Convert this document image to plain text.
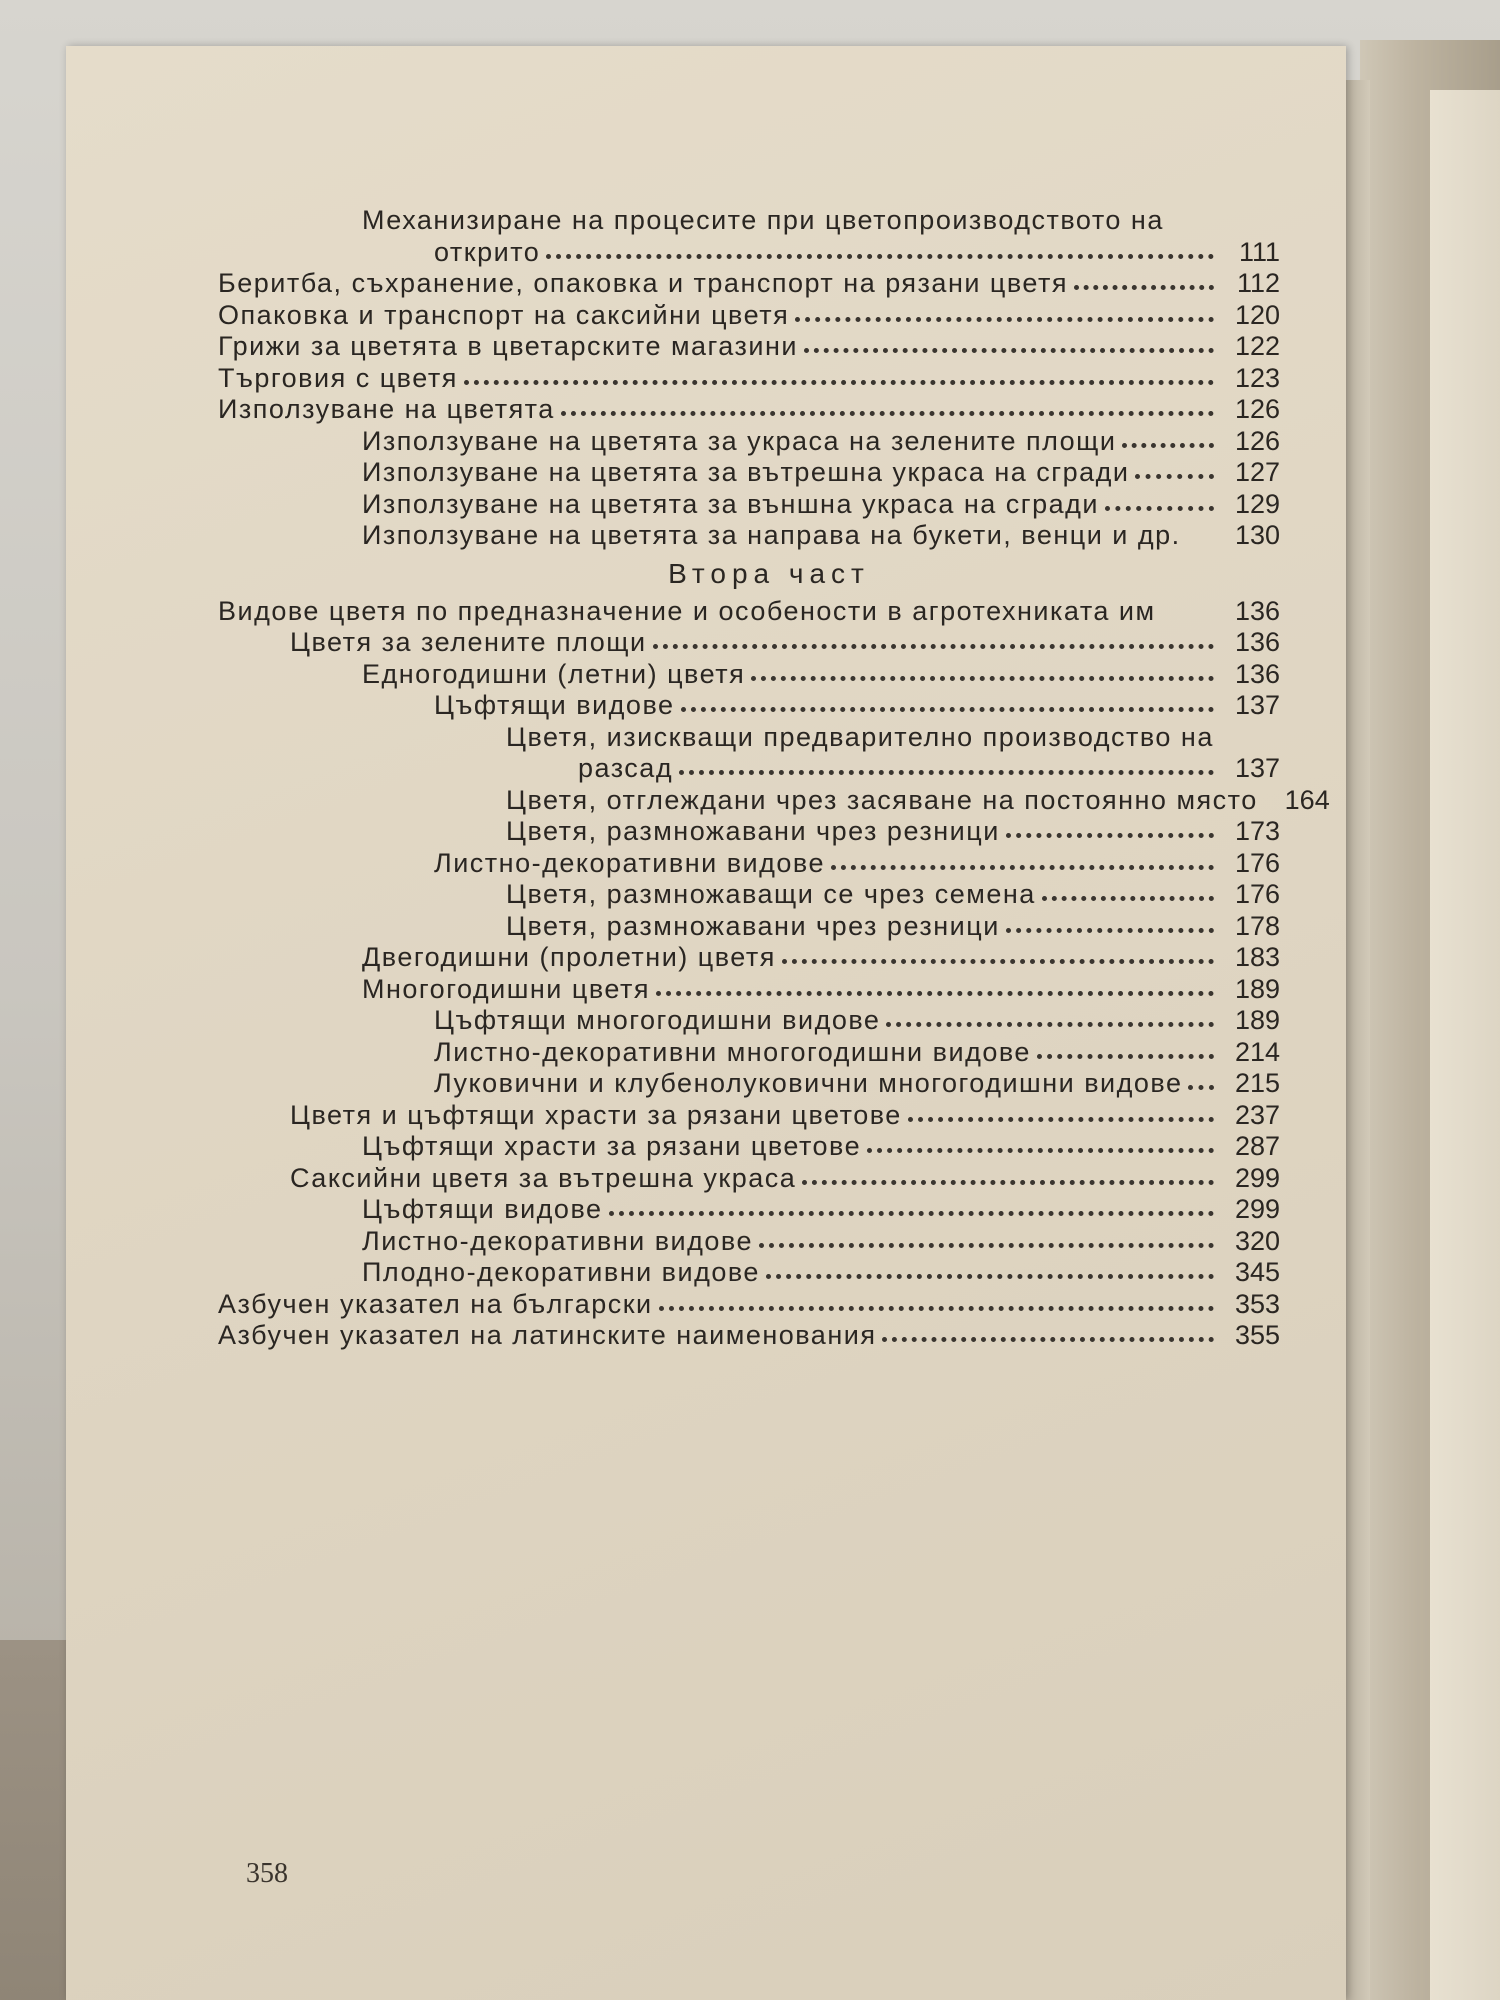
Механизиране на процесите при цветопроизводството на
открито	111
Беритба, съхранение, опаковка и транспорт на рязани цветя	112
Опаковка и транспорт на саксийни цветя	120
Грижи за цветята в цветарските магазини	122
Търговия с цветя	123
Използуване на цветята	126
Използуване на цветята за украса на зелените площи	126
Използуване на цветята за вътрешна украса на сгради	127
Използуване на цветята за външна украса на сгради	129
Използуване на цветята за направа на букети, венци и др.	130
Втора част
Видове цветя по предназначение и особености в агротехниката им	136
Цветя за зелените площи	136
Едногодишни (летни) цветя	136
Цъфтящи видове	137
Цветя, изискващи предварително производство на
разсад	137
Цветя, отглеждани чрез засяване на постоянно място 164
Цветя, размножавани чрез резници	173
Листно-декоративни видове	176
Цветя, размножаващи се чрез семена	176
Цветя, размножавани чрез резници	178
Двегодишни (пролетни) цветя	183
Многогодишни цветя	189
Цъфтящи многогодишни видове	189
Листно-декоративни многогодишни видове	214
Луковични и клубенолуковични многогодишни видове	215
Цветя и цъфтящи храсти за рязани цветове	237
Цъфтящи храсти за рязани цветове	287
Саксийни цветя за вътрешна украса	299
Цъфтящи видове	299
Листно-декоративни видове	320
Плодно-декоративни видове	345
Азбучен указател на български	353
Азбучен указател на латинските наименования	355
358
